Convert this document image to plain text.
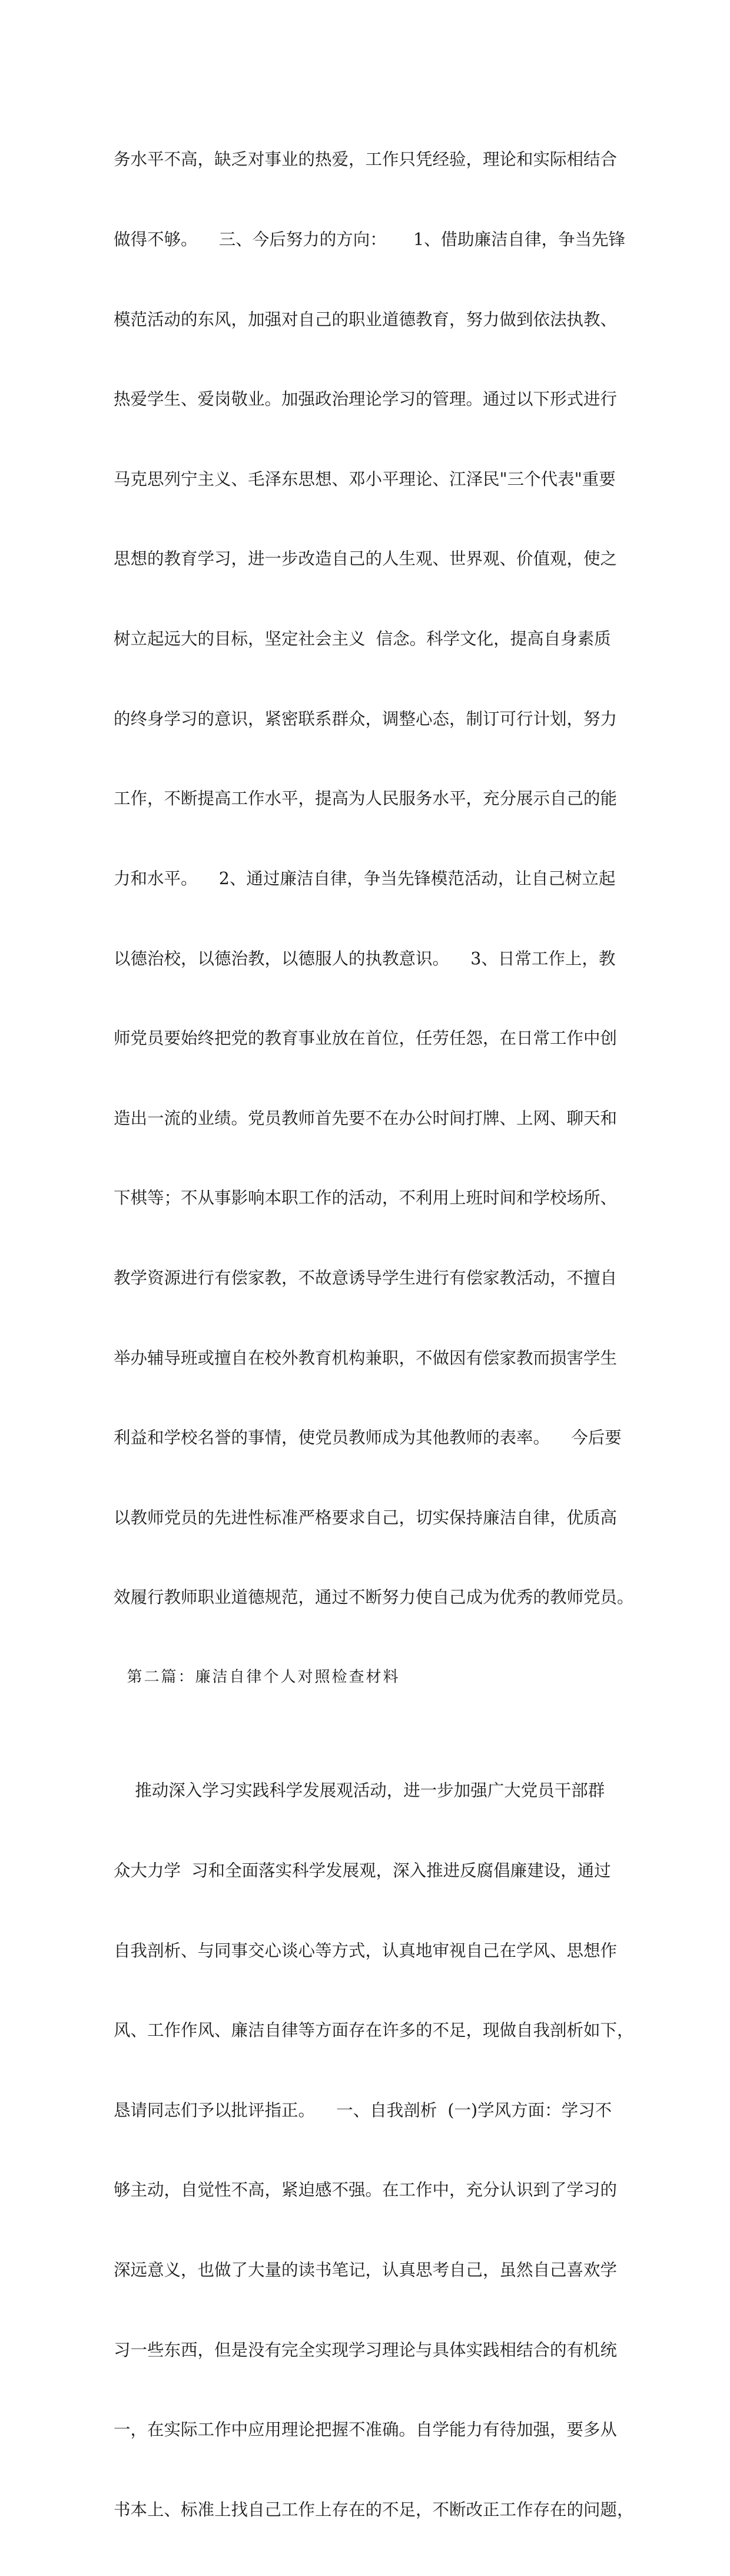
务水平不高，缺乏对事业的热爱，工作只凭经验，理论和实际相结合

做得不够。    三、今后努力的方向：     1、借助廉洁自律，争当先锋

模范活动的东风，加强对自己的职业道德教育，努力做到依法执教、

热爱学生、爱岗敬业。加强政治理论学习的管理。通过以下形式进行

马克思列宁主义、毛泽东思想、邓小平理论、江泽民"三个代表"重要

思想的教育学习，进一步改造自己的人生观、世界观、价值观，使之

树立起远大的目标，坚定社会主义  信念。科学文化，提高自身素质

的终身学习的意识，紧密联系群众，调整心态，制订可行计划，努力

工作，不断提高工作水平，提高为人民服务水平，充分展示自己的能

力和水平。    2、通过廉洁自律，争当先锋模范活动，让自己树立起

以德治校，以德治教，以德服人的执教意识。    3、日常工作上，教

师党员要始终把党的教育事业放在首位，任劳任怨，在日常工作中创

造出一流的业绩。党员教师首先要不在办公时间打牌、上网、聊天和

下棋等；不从事影响本职工作的活动，不利用上班时间和学校场所、

教学资源进行有偿家教，不故意诱导学生进行有偿家教活动，不擅自

举办辅导班或擅自在校外教育机构兼职，不做因有偿家教而损害学生

利益和学校名誉的事情，使党员教师成为其他教师的表率。    今后要

以教师党员的先进性标准严格要求自己，切实保持廉洁自律，优质高

效履行教师职业道德规范，通过不断努力使自己成为优秀的教师党员。

第二篇：廉洁自律个人对照检查材料

推动深入学习实践科学发展观活动，进一步加强广大党员干部群

众大力学  习和全面落实科学发展观，深入推进反腐倡廉建设，通过

自我剖析、与同事交心谈心等方式，认真地审视自己在学风、思想作

风、工作作风、廉洁自律等方面存在许多的不足，现做自我剖析如下，

恳请同志们予以批评指正。    一、自我剖析  (一)学风方面：学习不

够主动，自觉性不高，紧迫感不强。在工作中，充分认识到了学习的

深远意义，也做了大量的读书笔记，认真思考自己，虽然自己喜欢学

习一些东西，但是没有完全实现学习理论与具体实践相结合的有机统

一，在实际工作中应用理论把握不准确。自学能力有待加强，要多从

书本上、标准上找自己工作上存在的不足，不断改正工作存在的问题，
